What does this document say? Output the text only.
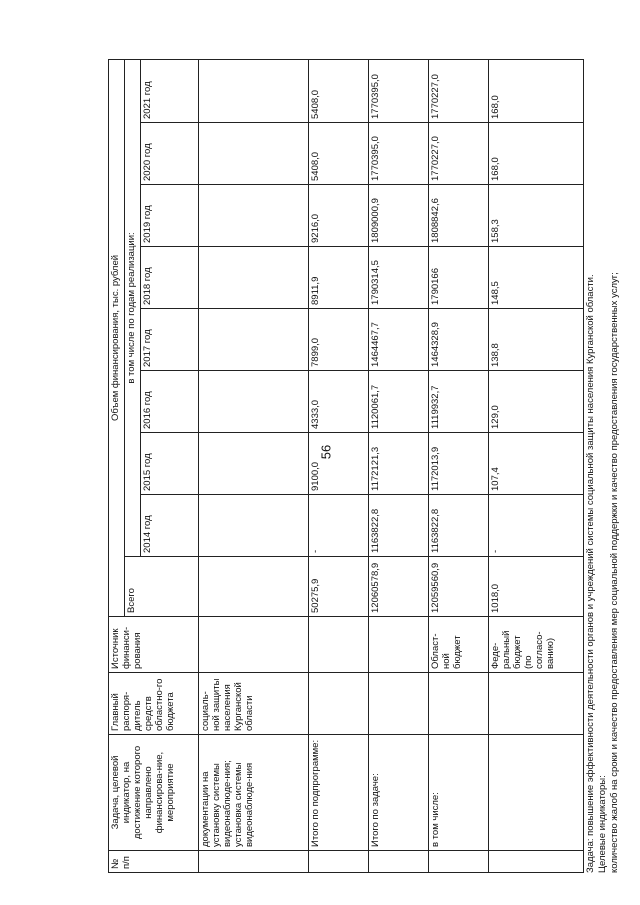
56
№ п/п	Задача, целевой индикатор, на достижение которого направлено финансирова-ние, мероприятие	Главный распоря-дитель средств областно-го бюджета	Источник финанси-рования	Объем финансирования, тыс. рублей								
				Всего	в том числе по годам реализации:							
					2014 год	2015 год	2016 год	2017 год	2018 год	2019 год	2020 год	2021 год
	документации на установку системы видеонаблюде-ния; установка системы видеонаблюде-ния	социаль-ной защиты населения Курганской области										
	Итого по подпрограмме:			50275,9	-	9100,0	4333,0	7899,0	8911,9	9216,0	5408,0	5408,0
	Итого по задаче:			12060578,9	1163822,8	1172121,3	1120061,7	1464467,7	1790314,5	1809000,9	1770395,0	1770395,0
	в том числе:		Област-ной бюджет	12059560,9	1163822,8	1172013,9	1119932,7	1464328,9	1790166	1808842,6	1770227,0	1770227,0
			Феде-ральный бюджет (по согласо-ванию)	1018,0	-	107,4	129,0	138,8	148,5	158,3	168,0	168,0
Задача: повышение эффективности деятельности органов и учреждений системы социальной защиты населения Курганской области. Целевые индикаторы: количество жалоб на сроки и качество предоставления мер социальной поддержки и качество предоставления государственных услуг;
